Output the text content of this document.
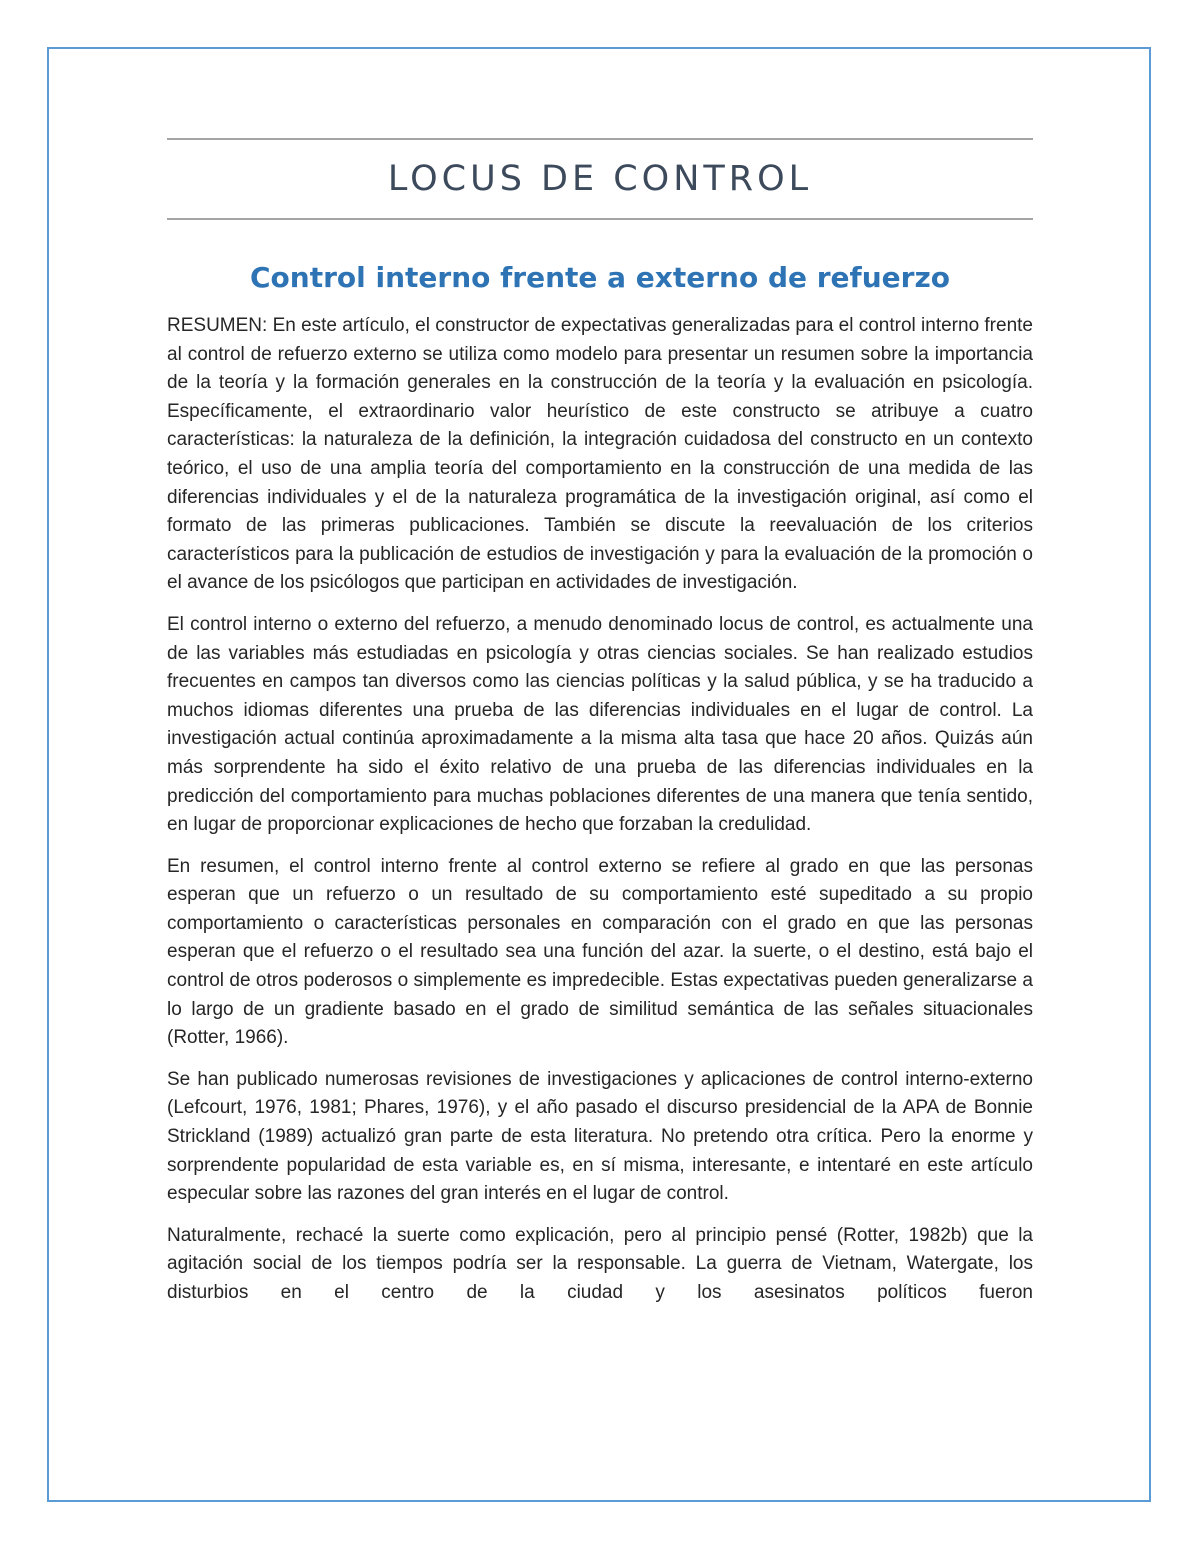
LOCUS DE CONTROL
Control interno frente a externo de refuerzo

RESUMEN: En este artículo, el constructor de expectativas generalizadas para el control interno frente al control de refuerzo externo se utiliza como modelo para presentar un resumen sobre la importancia de la teoría y la formación generales en la construcción de la teoría y la evaluación en psicología. Específicamente, el extraordinario valor heurístico de este constructo se atribuye a cuatro características: la naturaleza de la definición, la integración cuidadosa del constructo en un contexto teórico, el uso de una amplia teoría del comportamiento en la construcción de una medida de las diferencias individuales y el de la naturaleza programática de la investigación original, así como el formato de las primeras publicaciones. También se discute la reevaluación de los criterios característicos para la publicación de estudios de investigación y para la evaluación de la promoción o el avance de los psicólogos que participan en actividades de investigación.

El control interno o externo del refuerzo, a menudo denominado locus de control, es actualmente una de las variables más estudiadas en psicología y otras ciencias sociales. Se han realizado estudios frecuentes en campos tan diversos como las ciencias políticas y la salud pública, y se ha traducido a muchos idiomas diferentes una prueba de las diferencias individuales en el lugar de control. La investigación actual continúa aproximadamente a la misma alta tasa que hace 20 años. Quizás aún más sorprendente ha sido el éxito relativo de una prueba de las diferencias individuales en la predicción del comportamiento para muchas poblaciones diferentes de una manera que tenía sentido, en lugar de proporcionar explicaciones de hecho que forzaban la credulidad.

En resumen, el control interno frente al control externo se refiere al grado en que las personas esperan que un refuerzo o un resultado de su comportamiento esté supeditado a su propio comportamiento o características personales en comparación con el grado en que las personas esperan que el refuerzo o el resultado sea una función del azar. la suerte, o el destino, está bajo el control de otros poderosos o simplemente es impredecible. Estas expectativas pueden generalizarse a lo largo de un gradiente basado en el grado de similitud semántica de las señales situacionales (Rotter, 1966).

Se han publicado numerosas revisiones de investigaciones y aplicaciones de control interno-externo (Lefcourt, 1976, 1981; Phares, 1976), y el año pasado el discurso presidencial de la APA de Bonnie Strickland (1989) actualizó gran parte de esta literatura. No pretendo otra crítica. Pero la enorme y sorprendente popularidad de esta variable es, en sí misma, interesante, e intentaré en este artículo especular sobre las razones del gran interés en el lugar de control.

Naturalmente, rechacé la suerte como explicación, pero al principio pensé (Rotter, 1982b) que la agitación social de los tiempos podría ser la responsable. La guerra de Vietnam, Watergate, los disturbios en el centro de la ciudad y los asesinatos políticos fueron
